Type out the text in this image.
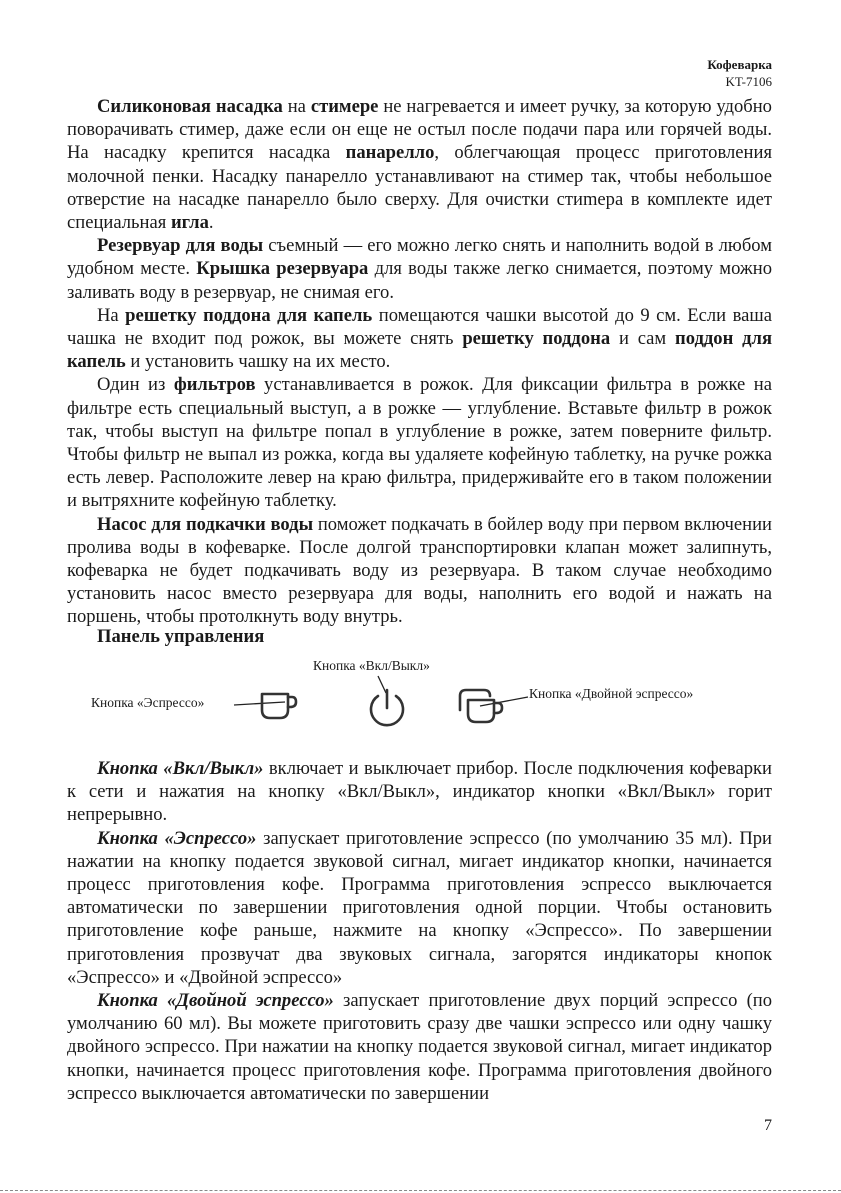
Кофеварка
KT-7106

Силиконовая насадка на стимере не нагревается и имеет ручку, за которую удобно поворачивать стимер, даже если он еще не остыл после подачи пара или горячей воды. На насадку крепится насадка панарелло, облегчающая процесс приготовления молочной пенки. Насадку панарелло устанавливают на стимер так, чтобы небольшое отверстие на насадке панарелло было сверху. Для очистки стиmера в комплекте идет специальная игла.

Резервуар для воды съемный — его можно легко снять и наполнить водой в любом удобном месте. Крышка резервуара для воды также легко снимается, поэтому можно заливать воду в резервуар, не снимая его.

На решетку поддона для капель помещаются чашки высотой до 9 см. Если ваша чашка не входит под рожок, вы можете снять решетку поддона и сам поддон для капель и установить чашку на их место.

Один из фильтров устанавливается в рожок. Для фиксации фильтра в рожке на фильтре есть специальный выступ, а в рожке — углубление. Вставьте фильтр в рожок так, чтобы выступ на фильтре попал в углубление в рожке, затем поверните фильтр. Чтобы фильтр не выпал из рожка, когда вы удаляете кофейную таблетку, на ручке рожка есть левер. Расположите левер на краю фильтра, придерживайте его в таком положении и вытряхните кофейную таблетку.

Насос для подкачки воды поможет подкачать в бойлер воду при первом включении пролива воды в кофеварке. После долгой транспортировки клапан может залипнуть, кофеварка не будет подкачивать воду из резервуара. В таком случае необходимо установить насос вместо резервуара для воды, наполнить его водой и нажать на поршень, чтобы протолкнуть воду внутрь.

Панель управления
Кнопка «Вкл/Выкл»
Кнопка «Эспрессо»
Кнопка «Двойной эспрессо»

Кнопка «Вкл/Выкл» включает и выключает прибор. После подключения кофеварки к сети и нажатия на кнопку «Вкл/Выкл», индикатор кнопки «Вкл/Выкл» горит непрерывно.

Кнопка «Эспрессо» запускает приготовление эспрессо (по умолчанию 35 мл). При нажатии на кнопку подается звуковой сигнал, мигает индикатор кнопки, начинается процесс приготовления кофе. Программа приготовления эспрессо выключается автоматически по завершении приготовления одной порции. Чтобы остановить приготовление кофе раньше, нажмите на кнопку «Эспрессо». По завершении приготовления прозвучат два звуковых сигнала, загорятся индикаторы кнопок «Эспрессо» и «Двойной эспрессо»

Кнопка «Двойной эспрессо» запускает приготовление двух порций эспрессо (по умолчанию 60 мл). Вы можете приготовить сразу две чашки эспрессо или одну чашку двойного эспрессо. При нажатии на кнопку подается звуковой сигнал, мигает индикатор кнопки, начинается процесс приготовления кофе. Программа приготовления двойного эспрессо выключается автоматически по завершении

7
